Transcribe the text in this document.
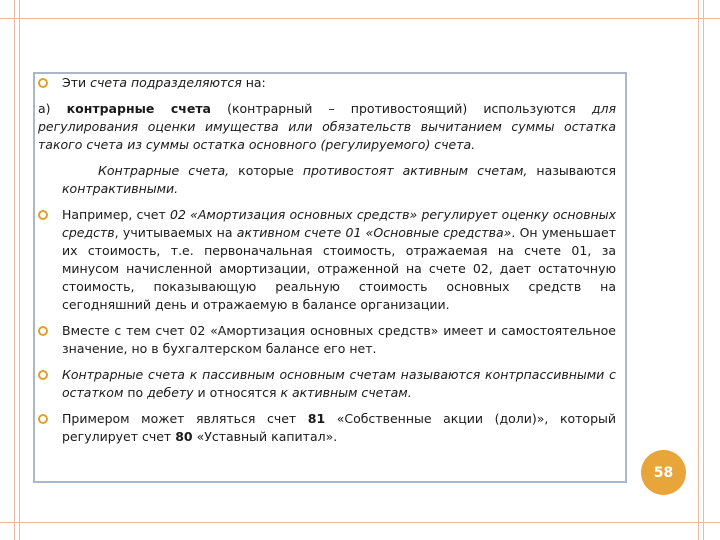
Эти счета подразделяются на:
а) контрарные счета (контрарный – противостоящий) используются для регулирования оценки имущества или обязательств вычитанием суммы остатка такого счета из суммы остатка основного (регулируемого) счета.
Контрарные счета, которые противостоят активным счетам, называются контрактивными.
Например, счет 02 «Амортизация основных средств» регулирует оценку основных средств, учитываемых на активном счете 01 «Основные средства». Он уменьшает их стоимость, т.е. первоначальная стоимость, отражаемая на счете 01, за минусом начисленной амортизации, отраженной на счете 02, дает остаточную стоимость, показывающую реальную стоимость основных средств на сегодняшний день и отражаемую в балансе организации.
Вместе с тем счет 02 «Амортизация основных средств» имеет и самостоятельное значение, но в бухгалтерском балансе его нет.
Контрарные счета к пассивным основным счетам называются контрпассивными с остатком по дебету и относятся к активным счетам.
Примером может являться счет 81 «Собственные акции (доли)», который регулирует счет 80 «Уставный капитал».
58
